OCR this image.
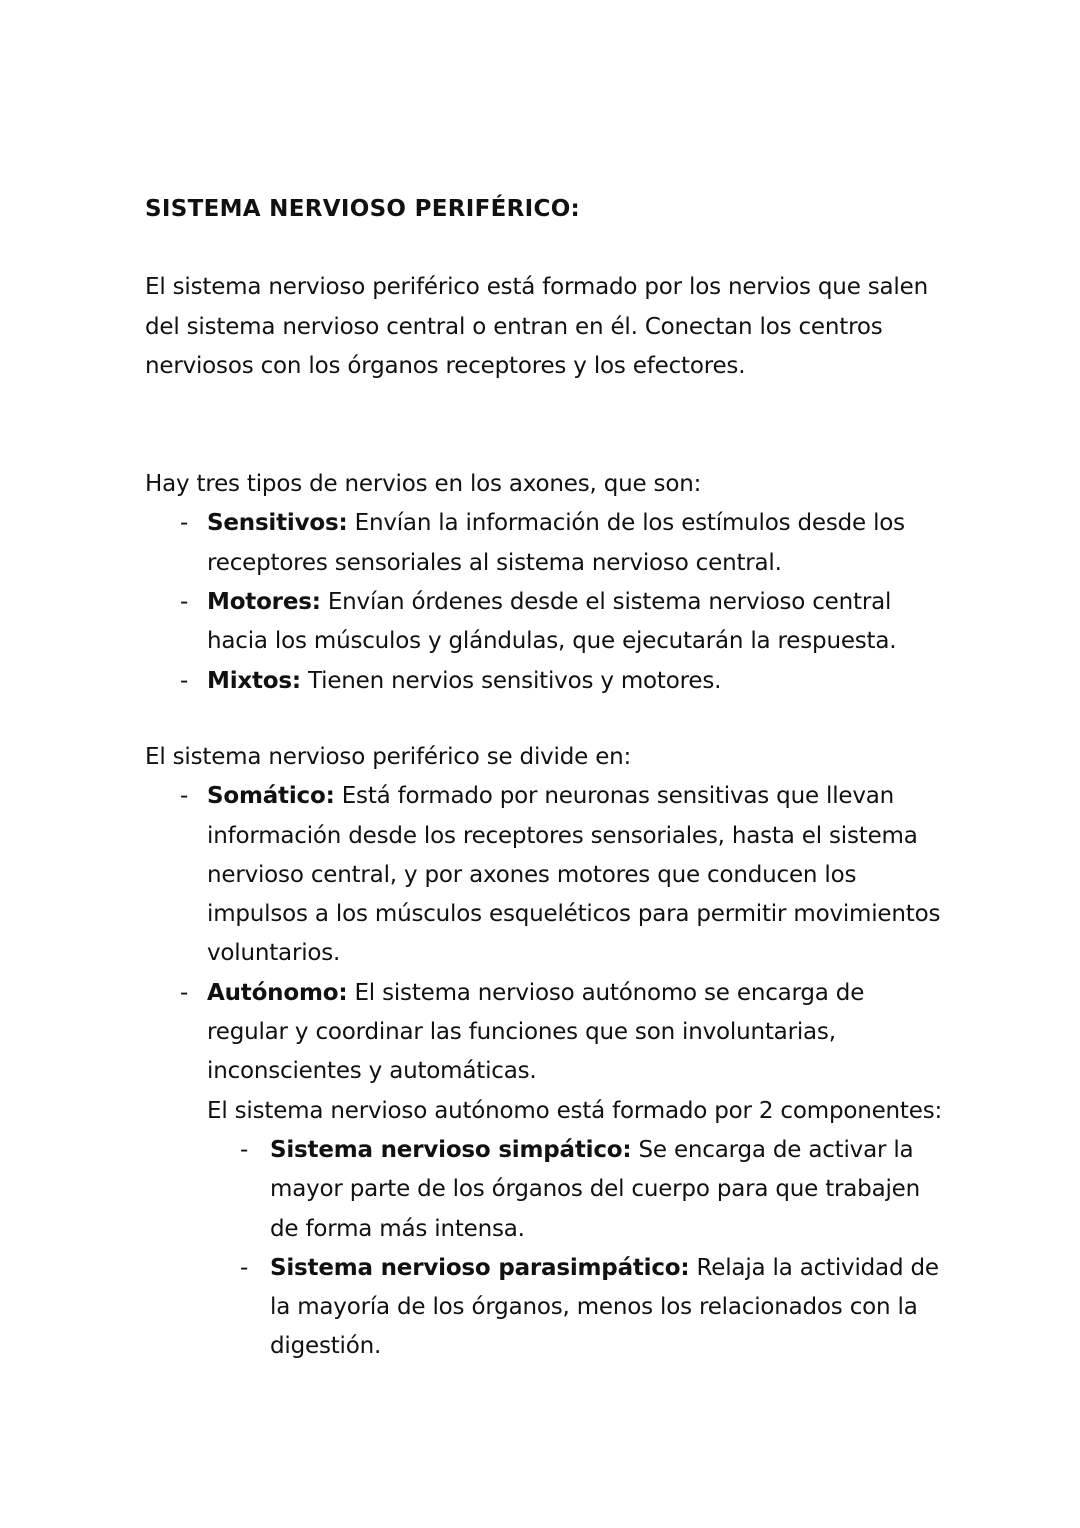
SISTEMA NERVIOSO PERIFÉRICO:

El sistema nervioso periférico está formado por los nervios que salen del sistema nervioso central o entran en él. Conectan los centros nerviosos con los órganos receptores y los efectores.

Hay tres tipos de nervios en los axones, que son:

- Sensitivos: Envían la información de los estímulos desde los receptores sensoriales al sistema nervioso central.
- Motores: Envían órdenes desde el sistema nervioso central hacia los músculos y glándulas, que ejecutarán la respuesta.
- Mixtos: Tienen nervios sensitivos y motores.

El sistema nervioso periférico se divide en:

- Somático: Está formado por neuronas sensitivas que llevan información desde los receptores sensoriales, hasta el sistema nervioso central, y por axones motores que conducen los impulsos a los músculos esqueléticos para permitir movimientos voluntarios.
- Autónomo: El sistema nervioso autónomo se encarga de regular y coordinar las funciones que son involuntarias, inconscientes y automáticas.
El sistema nervioso autónomo está formado por 2 componentes:
- Sistema nervioso simpático: Se encarga de activar la mayor parte de los órganos del cuerpo para que trabajen de forma más intensa.
- Sistema nervioso parasimpático: Relaja la actividad de la mayoría de los órganos, menos los relacionados con la digestión.
